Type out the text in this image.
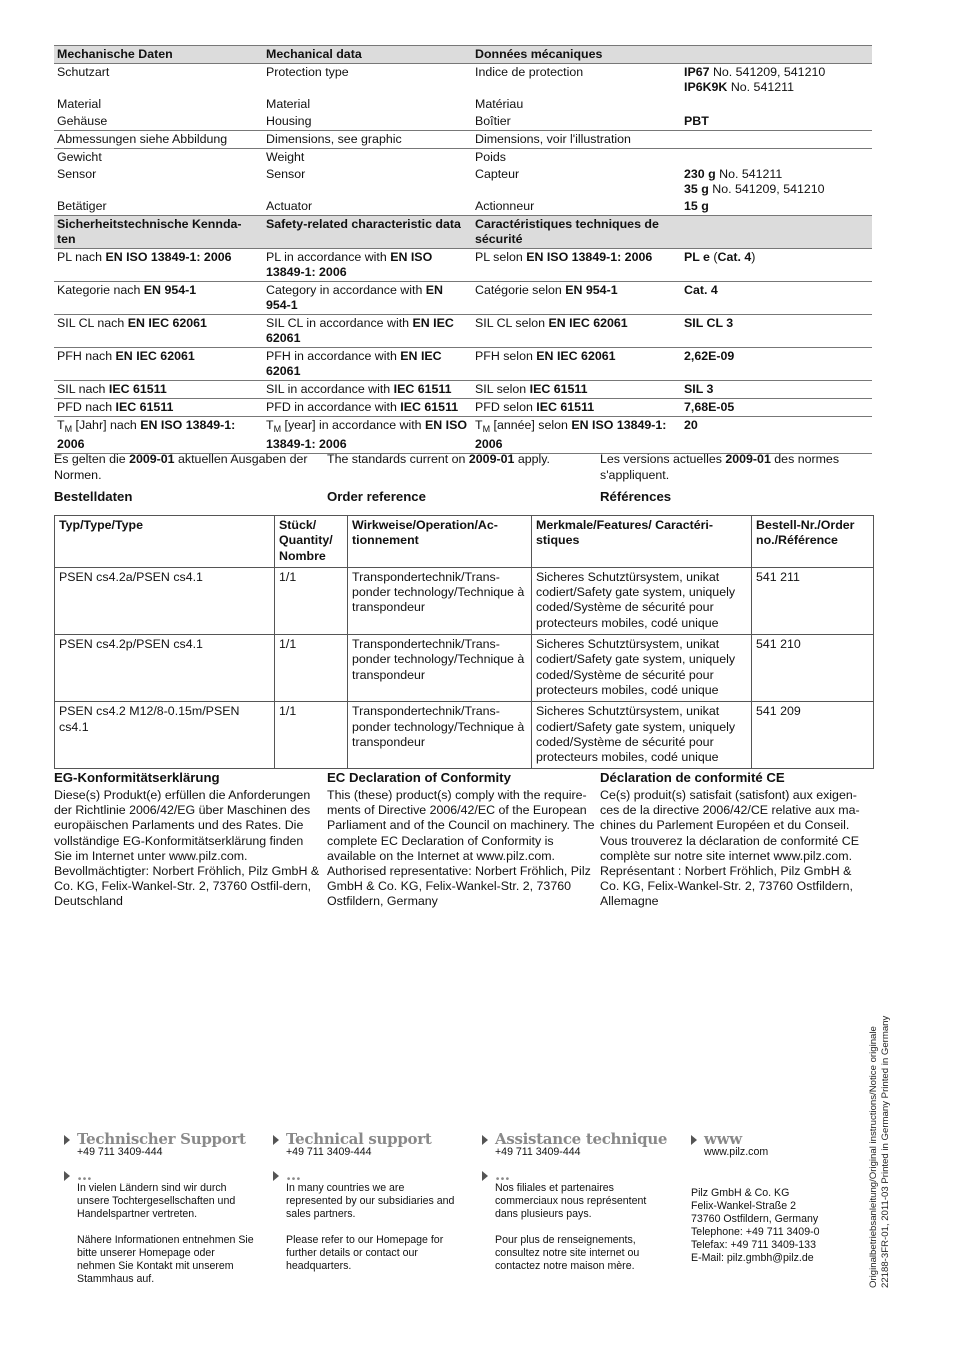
Mechanische Daten	Mechanical data	Données mécaniques	
Schutzart	Protection type	Indice de protection	IP67 No. 541209, 541210
IP6K9K No. 541211
Material	Material	Matériau	
Gehäuse	Housing	Boîtier	PBT
Abmessungen siehe Abbildung	Dimensions, see graphic	Dimensions, voir l'illustration	
Gewicht	Weight	Poids	
Sensor	Sensor	Capteur	230 g No. 541211
35 g No. 541209, 541210
Betätiger	Actuator	Actionneur	15 g
Sicherheitstechnische Kennda-ten	Safety-related characteristic data	Caractéristiques techniques de sécurité	
PL nach EN ISO 13849-1: 2006	PL in accordance with EN ISO 13849-1: 2006	PL selon EN ISO 13849-1: 2006	PL e (Cat. 4)
Kategorie nach EN 954-1	Category in accordance with EN 954-1	Catégorie selon EN 954-1	Cat. 4
SIL CL nach EN IEC 62061	SIL CL in accordance with EN IEC 62061	SIL CL selon EN IEC 62061	SIL CL 3
PFH nach EN IEC 62061	PFH in accordance with EN IEC 62061	PFH selon EN IEC 62061	2,62E-09
SIL nach IEC 61511	SIL in accordance with IEC 61511	SIL selon IEC 61511	SIL 3
PFD nach IEC 61511	PFD in accordance with IEC 61511	PFD selon IEC 61511	7,68E-05
$T_M$ [Jahr] nach EN ISO 13849-1: 2006	$T_M$ [year] in accordance with EN ISO 13849-1: 2006	$T_M$ [année] selon EN ISO 13849-1: 2006	20
Es gelten die 2009-01 aktuellen Ausgaben der Normen.
The standards current on 2009-01 apply.	Les versions actuelles 2009-01 des normes s'appliquent.
Bestelldaten	Order reference	Références
Typ/Type/Type	Stück/ Quantity/ Nombre	Wirkweise/Operation/Ac-tionnement	Merkmale/Features/ Caractéri-stiques	Bestell-Nr./Order no./Référence
PSEN cs4.2a/PSEN cs4.1	1/1	Transpondertechnik/Trans-ponder technology/Technique à transpondeur	Sicheres Schutztürsystem, unikat codiert/Safety gate system, uniquely coded/Système de sécurité pour protecteurs mobiles, codé unique	541 211
PSEN cs4.2p/PSEN cs4.1	1/1	Transpondertechnik/Trans-ponder technology/Technique à transpondeur	Sicheres Schutztürsystem, unikat codiert/Safety gate system, uniquely coded/Système de sécurité pour protecteurs mobiles, codé unique	541 210
PSEN cs4.2 M12/8-0.15m/PSEN cs4.1	1/1	Transpondertechnik/Trans-ponder technology/Technique à transpondeur	Sicheres Schutztürsystem, unikat codiert/Safety gate system, uniquely coded/Système de sécurité pour protecteurs mobiles, codé unique	541 209
EG-Konformitätserklärung

Diese(s) Produkt(e) erfüllen die Anforderungen der Richtlinie 2006/42/EG über Maschinen des europäischen Parlaments und des Rates. Die vollständige EG-Konformitätserklärung finden Sie im Internet unter www.pilz.com. Bevollmächtigter: Norbert Fröhlich, Pilz GmbH & Co. KG, Felix-Wankel-Str. 2, 73760 Ostfil-dern, Deutschland

EC Declaration of Conformity

This (these) product(s) comply with the require-ments of Directive 2006/42/EC of the European Parliament and of the Council on machinery. The complete EC Declaration of Conformity is available on the Internet at www.pilz.com. Authorised representative: Norbert Fröhlich, Pilz GmbH & Co. KG, Felix-Wankel-Str. 2, 73760 Ostfildern, Germany

Déclaration de conformité CE

Ce(s) produit(s) satisfait (satisfont) aux exigen-ces de la directive 2006/42/CE relative aux ma-chines du Parlement Européen et du Conseil. Vous trouverez la déclaration de conformité CE complète sur notre site internet www.pilz.com. Représentant : Norbert Fröhlich, Pilz GmbH & Co. KG, Felix-Wankel-Str. 2, 73760 Ostfildern, Allemagne

Technischer Support
+49 711 3409-444
…
In vielen Ländern sind wir durch unsere Tochtergesellschaften und Handelspartner vertreten.
Nähere Informationen entnehmen Sie bitte unserer Homepage oder nehmen Sie Kontakt mit unserem Stammhaus auf.
Technical support
+49 711 3409-444
…
In many countries we are represented by our subsidiaries and sales partners.
Please refer to our Homepage for further details or contact our headquarters.
Assistance technique
+49 711 3409-444
…
Nos filiales et partenaires commerciaux nous représentent dans plusieurs pays.
Pour plus de renseignements, consultez notre site internet ou contactez notre maison mère.
www
www.pilz.com
Pilz GmbH & Co. KG
Felix-Wankel-Straße 2
73760 Ostfildern, Germany
Telephone: +49 711 3409-0
Telefax: +49 711 3409-133
E-Mail: pilz.gmbh@pilz.de	Originalbetriebsanleitung/Original instructions/Notice originale 22188-3FR-01, 2011-03 Printed in Germany Printed in Germany
